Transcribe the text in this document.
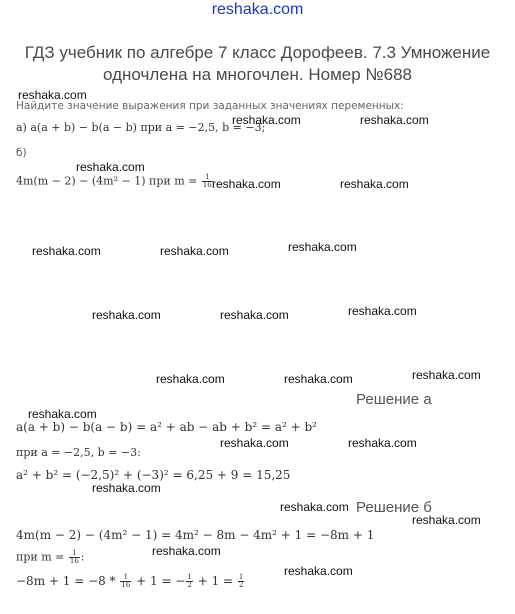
reshaka.com
ГДЗ учебник по алгебре 7 класс Дорофеев. 7.3 Умножение одночлена на многочлен. Номер №688
Найдите значение выражения при заданных значениях переменных:
а) a(a + b) − b(a − b) при a = −2,5, b = −3;
б)
4m(m − 2) − (4m² − 1) при $m = \frac{1}{16}$
Решение а
a(a + b) − b(a − b) = a² + ab − ab + b² = a² + b²
при a = −2,5, b = −3:
a² + b² = (−2,5)² + (−3)² = 6,25 + 9 = 15,25
Решение б
4m(m − 2) − (4m² − 1) = 4m² − 8m − 4m² + 1 = −8m + 1
при $m = \frac{1}{16}$ :
$-8m + 1 = -8 * \frac{1}{16} + 1$ = − $\frac{1}{2} + 1 = \frac{1}{2}$
reshaka.com
reshaka.com	reshaka.com
reshaka.com
reshaka.com	reshaka.com
reshaka.com	reshaka.com	reshaka.com
reshaka.com	reshaka.com	reshaka.com
reshaka.com	reshaka.com	reshaka.com
reshaka.com
reshaka.com	reshaka.com
reshaka.com
reshaka.com
reshaka.com
reshaka.com
reshaka.com
